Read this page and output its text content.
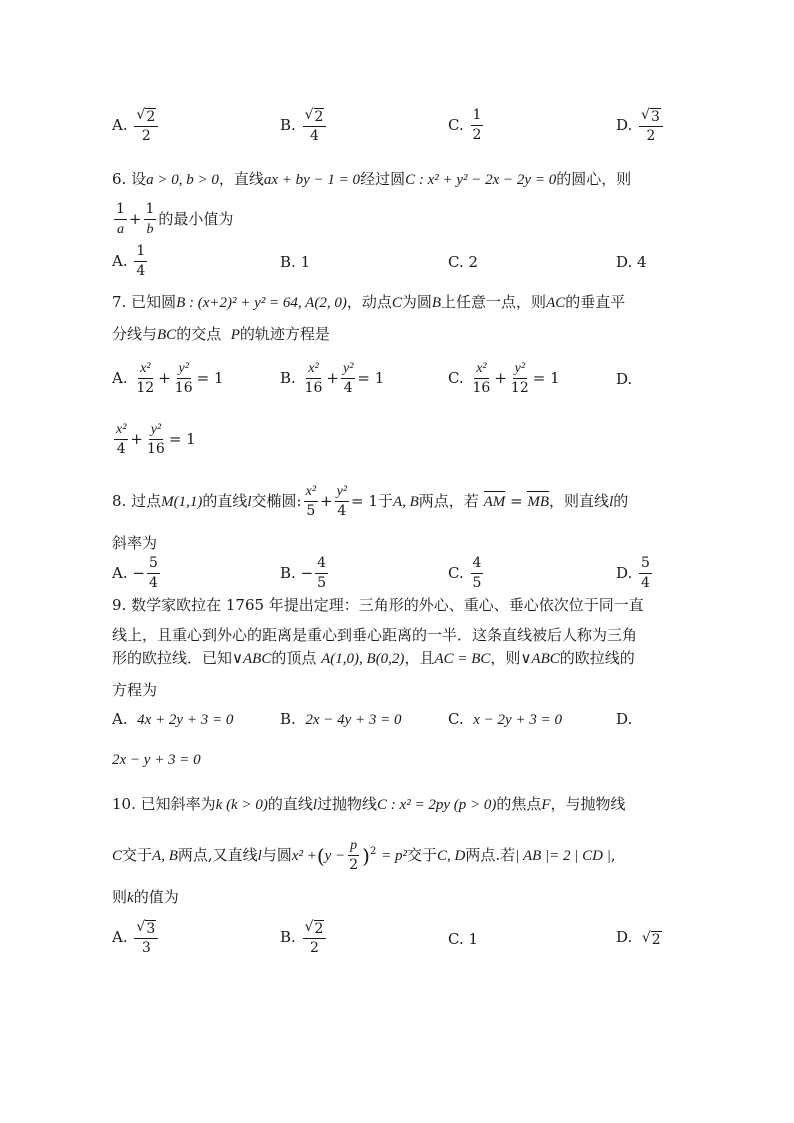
A. $\frac{√ 2}{2}$	B. $\frac{√ 2}{4}$	C. $\frac{1}{2}$	D. $\frac{√ 3}{2}$
6. 设a > 0, b > 0，直线ax + by − 1 = 0经过圆C : x² + y² − 2x − 2y = 0的圆心，则
$\frac{1}{a} + \frac{1}{b}$ 的最小值为
A. $\frac{1}{4}$	B. 1	C. 2	D. 4
7. 已知圆B : (x+2)² + y² = 64, A(2, 0)，动点C为圆B上任意一点，则AC的垂直平
分线与BC的交点 P的轨迹方程是
A. $\frac{\text{x²}}{12} + \frac{\text{y²}}{16} = 1$	B. $\frac{\text{x²}}{16} + \frac{\text{y²}}{4} = 1$	C. $\frac{\text{x²}}{16} + \frac{\text{y²}}{12} = 1$	D.
$\frac{\text{x²}}{4} + \frac{\text{y²}}{16} = 1$
8. 过点M(1,1)的直线l交椭圆: $\frac{\text{x²}}{5} + \frac{\text{y²}}{4} = 1$于A, B两点，若 AM = MB，则直线l的
斜率为
A. − $\frac{5}{4}$	B. − $\frac{4}{5}$	C. $\frac{4}{5}$	D. $\frac{5}{4}$
9. 数学家欧拉在 1765 年提出定理：三角形的外心、重心、垂心依次位于同一直
线上，且重心到外心的距离是重心到垂心距离的一半．这条直线被后人称为三角
形的欧拉线．已知∨ABC的顶点 A(1,0), B(0,2)，且AC = BC，则∨ABC的欧拉线的
方程为
A. 4x + 2y + 3 = 0	B. 2x − 4y + 3 = 0	C. x − 2y + 3 = 0	D.
2x − y + 3 = 0
10. 已知斜率为k (k > 0)的直线l过抛物线C : x² = 2py (p > 0)的焦点F，与抛物线
C交于A, B两点,又直线l与圆$x^2 +(y - \frac{p}{2} )^2 = p^2$交于C, D两点.若| AB |= 2 | CD |,
则k的值为
A. $\frac{√ 3}{3}$	B. $\frac{√ 2}{2}$	C. 1	D. √ 2
